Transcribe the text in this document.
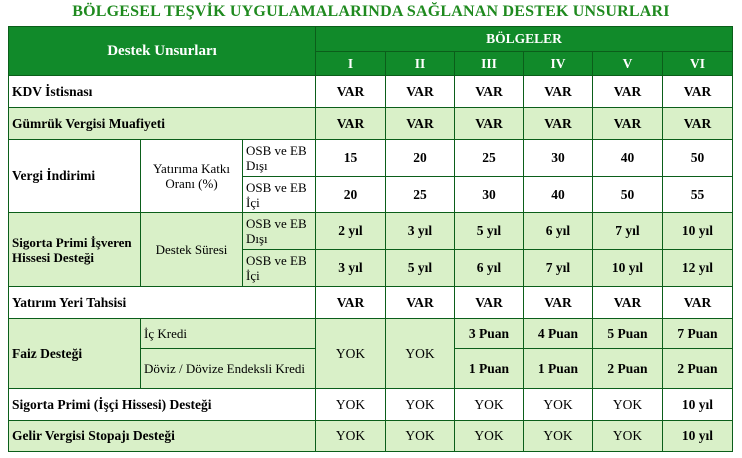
BÖLGESEL TEŞVİK UYGULAMALARINDA SAĞLANAN DESTEK UNSURLARI
Destek Unsurları			BÖLGELER					
			I	II	III	IV	V	VI
KDV İstisnası			VAR	VAR	VAR	VAR	VAR	VAR
Gümrük Vergisi Muafiyeti			VAR	VAR	VAR	VAR	VAR	VAR
Vergi İndirimi	Yatırıma Katkı Oranı (%)	OSB ve EB Dışı	15	20	25	30	40	50
		OSB ve EB İçi	20	25	30	40	50	55
Sigorta Primi İşveren Hissesi Desteği	Destek Süresi	OSB ve EB Dışı	2 yıl	3 yıl	5 yıl	6 yıl	7 yıl	10 yıl
		OSB ve EB İçi	3 yıl	5 yıl	6 yıl	7 yıl	10 yıl	12 yıl
Yatırım Yeri Tahsisi			VAR	VAR	VAR	VAR	VAR	VAR
Faiz Desteği	İç Kredi		YOK	YOK	3 Puan	4 Puan	5 Puan	7 Puan
	Döviz / Dövize Endeksli Kredi				1 Puan	1 Puan	2 Puan	2 Puan
Sigorta Primi (İşçi Hissesi) Desteği			YOK	YOK	YOK	YOK	YOK	10 yıl
Gelir Vergisi Stopajı Desteği			YOK	YOK	YOK	YOK	YOK	10 yıl
